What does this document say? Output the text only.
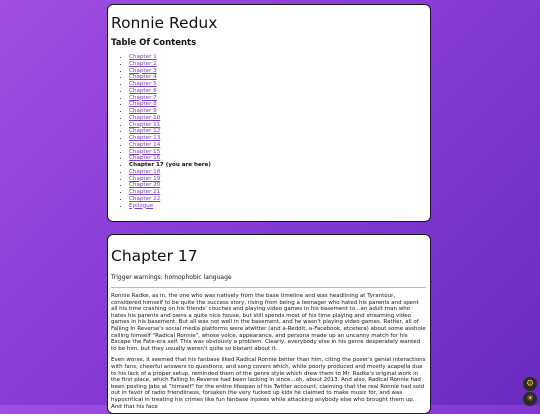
Ronnie Redux
Table Of Contents
• Chapter 1
• Chapter 2
• Chapter 3
• Chapter 4
• Chapter 5
• Chapter 6
• Chapter 7
• Chapter 8
• Chapter 9
• Chapter 10
• Chapter 11
• Chapter 12
• Chapter 13
• Chapter 14
• Chapter 15
• Chapter 16
• Chapter 17 (you are here)
• Chapter 18
• Chapter 19
• Chapter 20
• Chapter 21
• Chapter 22
• Epilogue
Chapter 17

Trigger warnings: homophobic language

Ronnie Radke, as in, the one who was natively from the base timeline and was headlining at Tyrantour, considered himself to be quite the success story, rising from being a teenager who hated his parents and spent all his time crashing on his friends' couches and playing video games in his basement to...an adult man who hates his parents and owns a quite nice house, but still spends most of his time playing and streaming video games in his basement. But all was not well in the basement, and he wasn't playing video games. Rather, all of Falling In Reverse's social media platforms were atwitter (and a-Reddit, a-Facebook, etcetera) about some asshole calling himself "Radical Ronnie", whose voice, appearance, and persona made up an uncanny match for his Escape the Fate-era self. This was obviously a problem. Clearly, everybody else in his genre desperately wanted to be him, but they usually weren't quite so blatant about it.

Even worse, it seemed that his fanbase liked Radical Ronnie better than him, citing the poser's genial interactions with fans, cheerful answers to questions, and song covers which, while poorly produced and mostly acapella due to his lack of a proper setup, reminded them of the genre style which drew them to Mr. Radke's original work in the first place, which Falling In Reverse had been lacking in since...oh, about 2013. And also, Radical Ronnie had been posting jabs at "himself" for the entire lifespan of his Twitter account, claiming that the real Ronnie had sold out in favor of radio friendliness, forsaken the very fucked up kids he claimed to make music for, and was hypocritical in treating his crimes like fun fanbase injokes while attacking anybody else who brought them up. And that his face

⚙
☀
